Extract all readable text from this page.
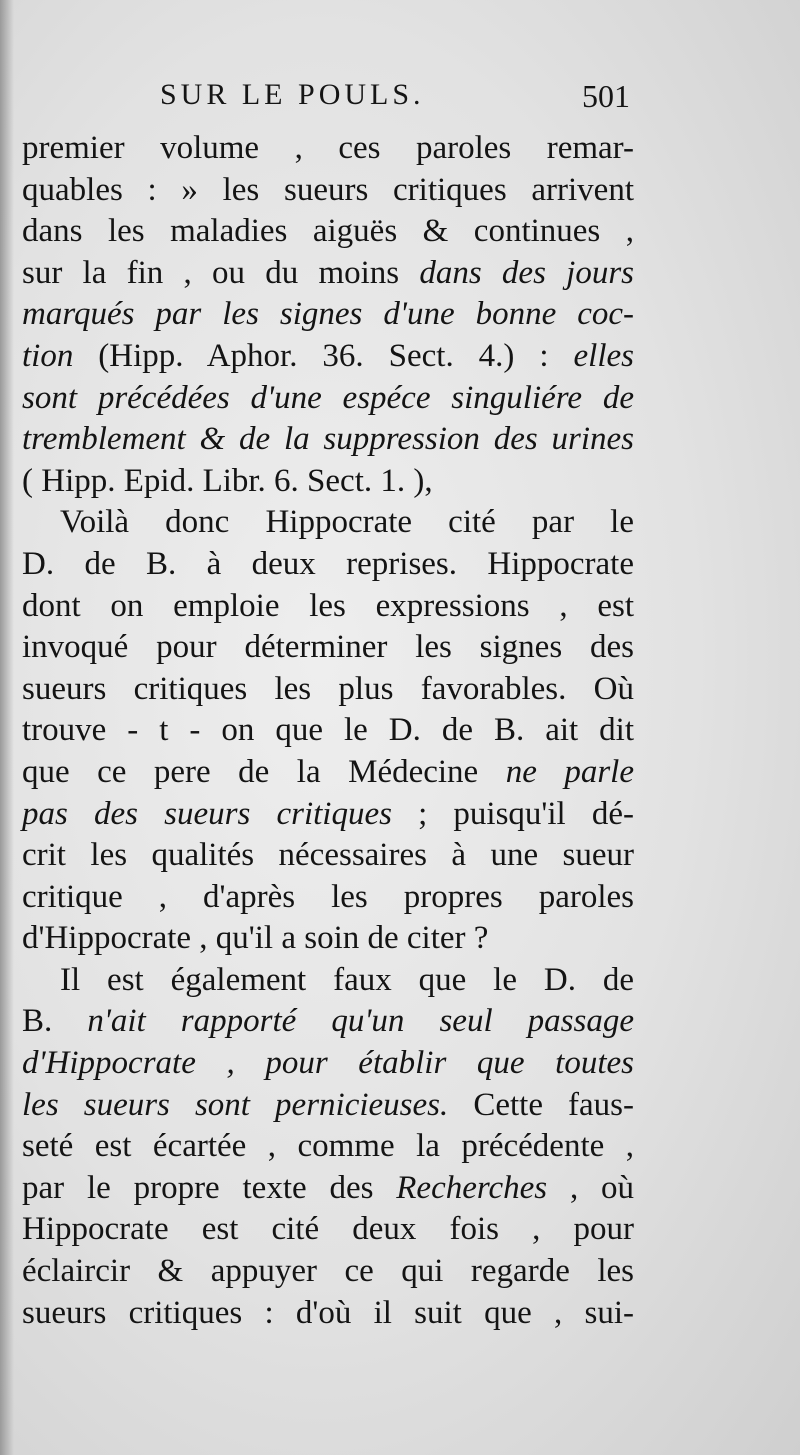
SUR LE POULS.	501
premier volume , ces paroles remar-
quables : » les sueurs critiques arrivent
dans les maladies aiguës & continues ,
sur la fin , ou du moins dans des jours
marqués par les signes d'une bonne coc-
tion (Hipp. Aphor. 36. Sect. 4.) : elles
sont précédées d'une espéce singuliére de
tremblement & de la suppression des urines
( Hipp. Epid. Libr. 6. Sect. 1. ),
Voilà donc Hippocrate cité par le
D. de B. à deux reprises. Hippocrate
dont on emploie les expressions , est
invoqué pour déterminer les signes des
sueurs critiques les plus favorables. Où
trouve - t - on que le D. de B. ait dit
que ce pere de la Médecine ne parle
pas des sueurs critiques ; puisqu'il dé-
crit les qualités nécessaires à une sueur
critique , d'après les propres paroles
d'Hippocrate , qu'il a soin de citer ?
Il est également faux que le D. de
B. n'ait rapporté qu'un seul passage
d'Hippocrate , pour établir que toutes
les sueurs sont pernicieuses. Cette faus-
seté est écartée , comme la précédente ,
par le propre texte des Recherches , où
Hippocrate est cité deux fois , pour
éclaircir & appuyer ce qui regarde les
sueurs critiques : d'où il suit que , sui-
